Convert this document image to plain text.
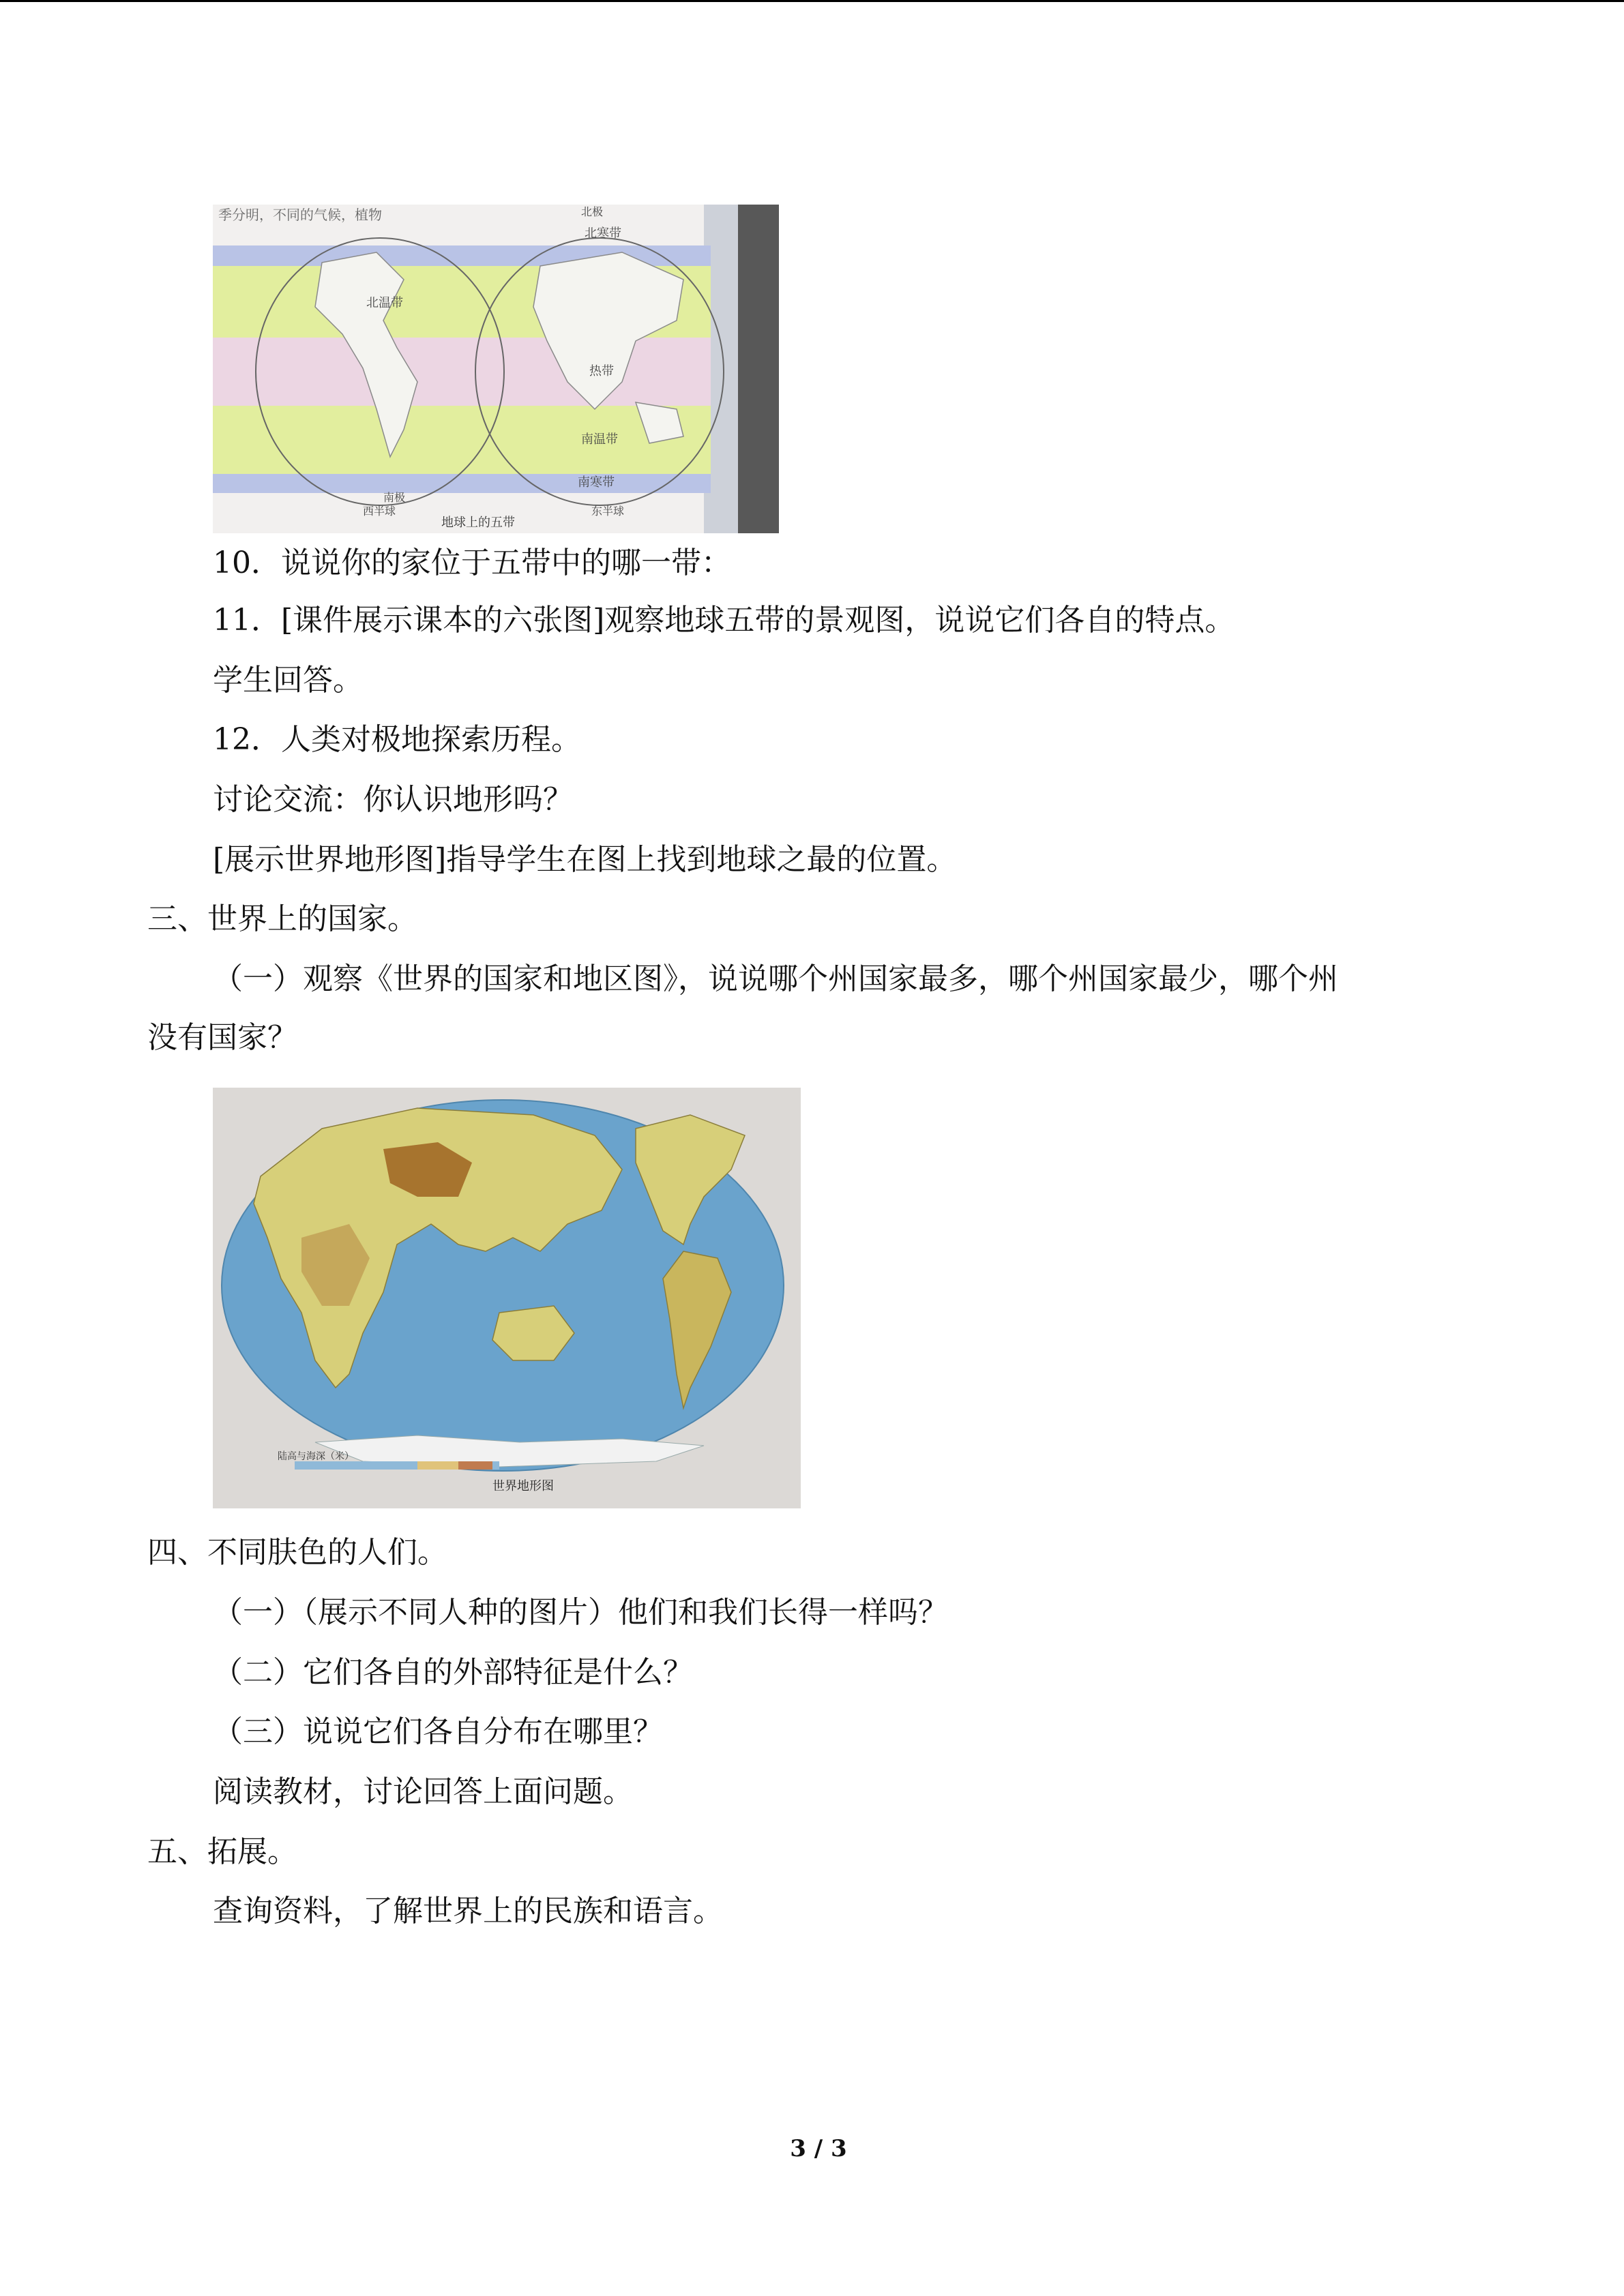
季分明，不同的气候，植物
北寒带
北温带
热带
南温带
南寒带
北极
南极
西半球	东半球
地球上的五带
10．说说你的家位于五带中的哪一带：
11．[课件展示课本的六张图]观察地球五带的景观图，说说它们各自的特点。
学生回答。
12．人类对极地探索历程。
讨论交流：你认识地形吗？
[展示世界地形图]指导学生在图上找到地球之最的位置。
三、世界上的国家。
（一）观察《世界的国家和地区图》，说说哪个州国家最多，哪个州国家最少，哪个州
没有国家？
陆高与海深（米）
世界地形图
四、不同肤色的人们。
（一）（展示不同人种的图片）他们和我们长得一样吗？
（二）它们各自的外部特征是什么？
（三）说说它们各自分布在哪里？
阅读教材，讨论回答上面问题。
五、拓展。
查询资料，了解世界上的民族和语言。
3 / 3
